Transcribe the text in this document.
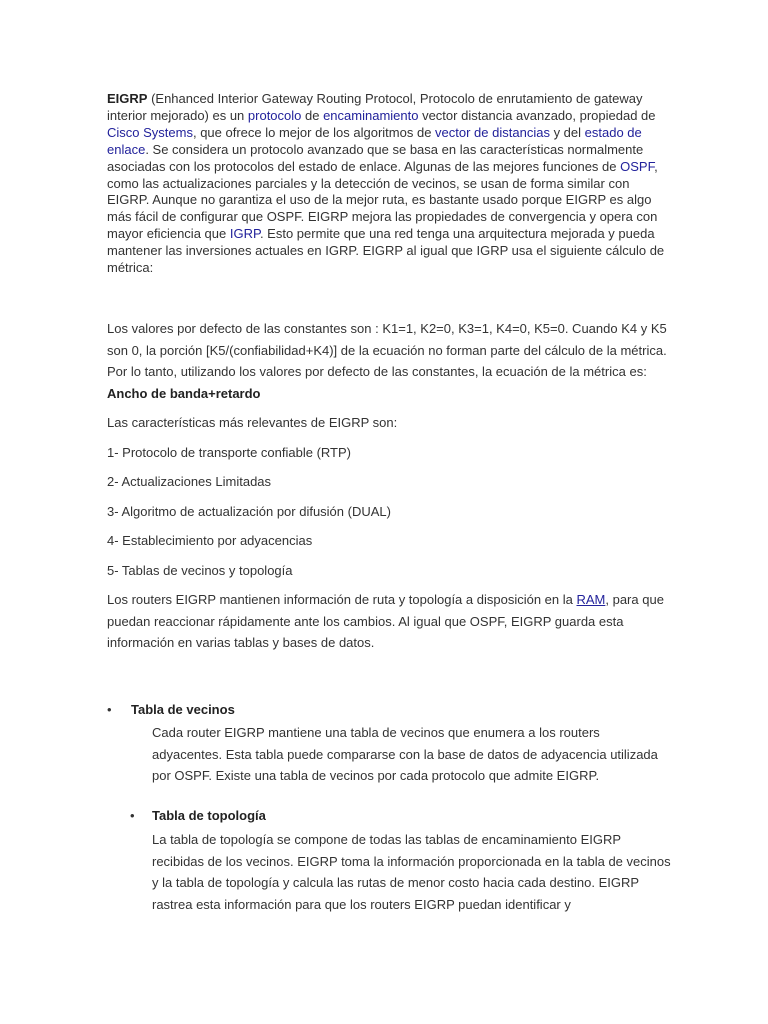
EIGRP (Enhanced Interior Gateway Routing Protocol, Protocolo de enrutamiento de gateway interior mejorado) es un protocolo de encaminamiento vector distancia avanzado, propiedad de Cisco Systems, que ofrece lo mejor de los algoritmos de vector de distancias y del estado de enlace. Se considera un protocolo avanzado que se basa en las características normalmente asociadas con los protocolos del estado de enlace. Algunas de las mejores funciones de OSPF, como las actualizaciones parciales y la detección de vecinos, se usan de forma similar con EIGRP. Aunque no garantiza el uso de la mejor ruta, es bastante usado porque EIGRP es algo más fácil de configurar que OSPF. EIGRP mejora las propiedades de convergencia y opera con mayor eficiencia que IGRP. Esto permite que una red tenga una arquitectura mejorada y pueda mantener las inversiones actuales en IGRP. EIGRP al igual que IGRP usa el siguiente cálculo de métrica:

Los valores por defecto de las constantes son : K1=1, K2=0, K3=1, K4=0, K5=0. Cuando K4 y K5 son 0, la porción [K5/(confiabilidad+K4)] de la ecuación no forman parte del cálculo de la métrica. Por lo tanto, utilizando los valores por defecto de las constantes, la ecuación de la métrica es: Ancho de banda+retardo

Las características más relevantes de EIGRP son:

1- Protocolo de transporte confiable (RTP)

2- Actualizaciones Limitadas

3- Algoritmo de actualización por difusión (DUAL)

4- Establecimiento por adyacencias

5- Tablas de vecinos y topología

Los routers EIGRP mantienen información de ruta y topología a disposición en la RAM, para que puedan reaccionar rápidamente ante los cambios. Al igual que OSPF, EIGRP guarda esta información en varias tablas y bases de datos.

• Tabla de vecinos

Cada router EIGRP mantiene una tabla de vecinos que enumera a los routers adyacentes. Esta tabla puede compararse con la base de datos de adyacencia utilizada por OSPF. Existe una tabla de vecinos por cada protocolo que admite EIGRP.

• Tabla de topología

La tabla de topología se compone de todas las tablas de encaminamiento EIGRP recibidas de los vecinos. EIGRP toma la información proporcionada en la tabla de vecinos y la tabla de topología y calcula las rutas de menor costo hacia cada destino. EIGRP rastrea esta información para que los routers EIGRP puedan identificar y
